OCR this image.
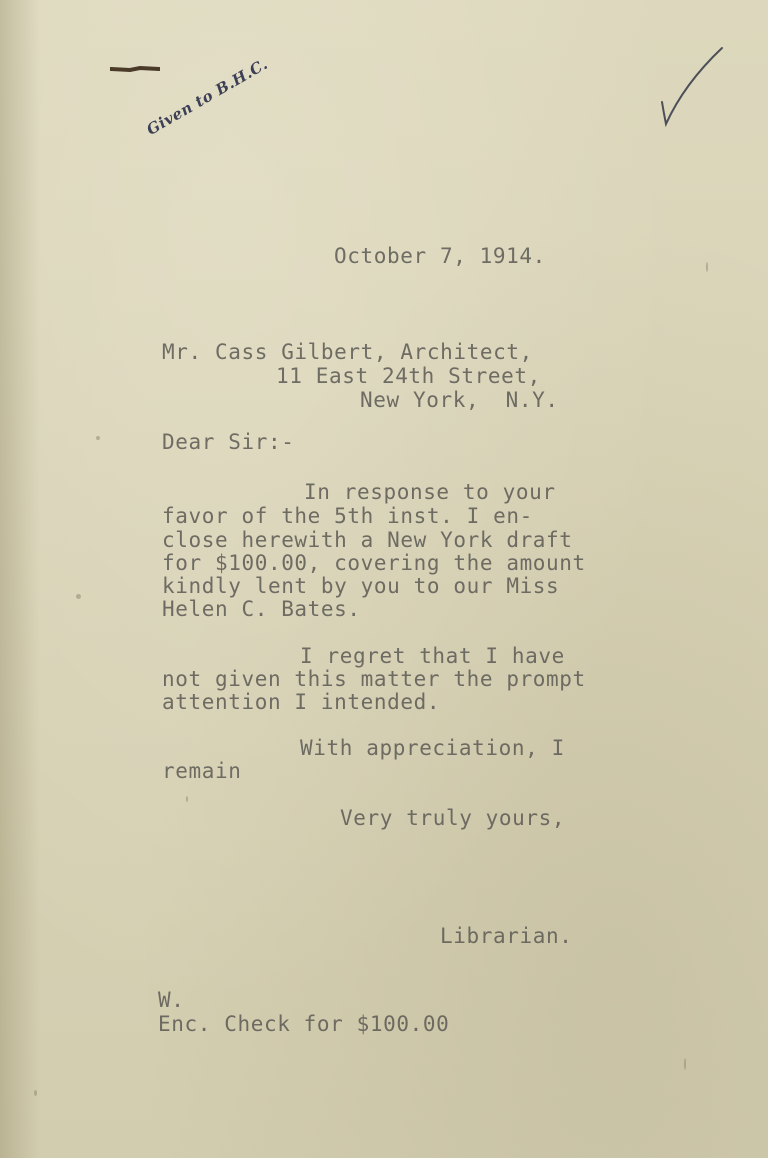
Given to B.H.C.
October 7, 1914.
Mr. Cass Gilbert, Architect,
11 East 24th Street,
New York,  N.Y.
Dear Sir:-
In response to your
favor of the 5th inst. I en-
close herewith a New York draft
for $100.00, covering the amount
kindly lent by you to our Miss
Helen C. Bates.
I regret that I have
not given this matter the prompt
attention I intended.
With appreciation, I
remain
Very truly yours,
Librarian.
W.
Enc. Check for $100.00
